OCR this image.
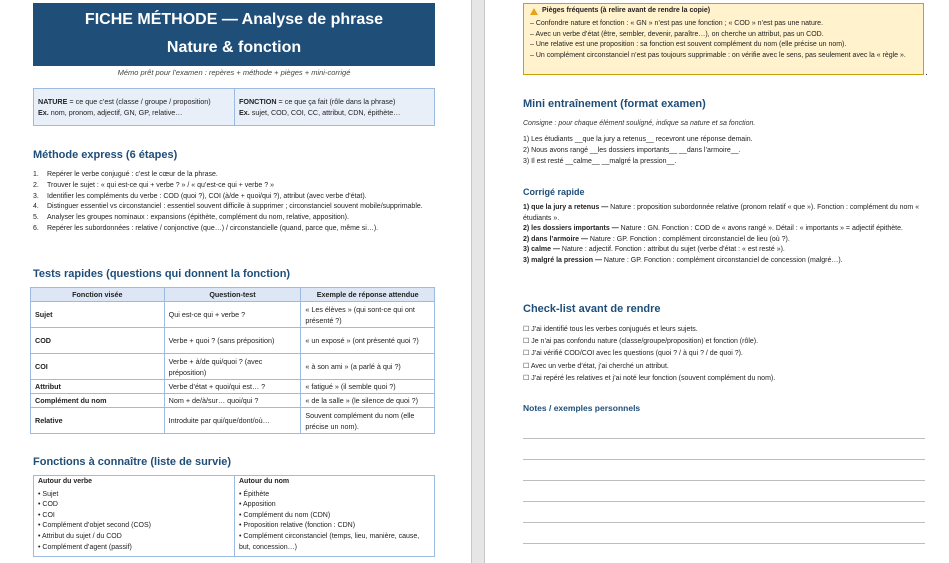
FICHE MÉTHODE — Analyse de phrase
Nature & fonction
Mémo prêt pour l’examen : repères + méthode + pièges + mini-corrigé
NATURE = ce que c’est (classe / groupe / proposition)
Ex. nom, pronom, adjectif, GN, GP, relative…
FONCTION = ce que ça fait (rôle dans la phrase)
Ex. sujet, COD, COI, CC, attribut, CDN, épithète…
Méthode express (6 étapes)
1.	Repérer le verbe conjugué : c’est le cœur de la phrase.
2.	Trouver le sujet : « qui est-ce qui + verbe ? » / « qu’est-ce qui + verbe ? »
3.	Identifier les compléments du verbe : COD (quoi ?), COI (à/de + quoi/qui ?), attribut (avec verbe d’état).
4.	Distinguer essentiel vs circonstanciel : essentiel souvent difficile à supprimer ; circonstanciel souvent mobile/supprimable.
5.	Analyser les groupes nominaux : expansions (épithète, complément du nom, relative, apposition).
6.	Repérer les subordonnées : relative / conjonctive (que…) / circonstancielle (quand, parce que, même si…).
Tests rapides (questions qui donnent la fonction)
Fonction visée	Question-test	Exemple de réponse attendue
Sujet	Qui est-ce qui + verbe ?	« Les élèves » (qui sont-ce qui ont présenté ?)
COD	Verbe + quoi ? (sans préposition)	« un exposé » (ont présenté quoi ?)
COI	Verbe + à/de qui/quoi ? (avec préposition)	« à son ami » (a parlé à qui ?)
Attribut	Verbe d’état + quoi/qui est… ?	« fatigué » (il semble quoi ?)
Complément du nom	Nom + de/à/sur… quoi/qui ?	« de la salle » (le silence de quoi ?)
Relative	Introduite par qui/que/dont/où…	Souvent complément du nom (elle précise un nom).
Fonctions à connaître (liste de survie)
Autour du verbe
• Sujet
• COD
• COI
• Complément d’objet second (COS)
• Attribut du sujet / du COD
• Complément d’agent (passif)
Autour du nom
• Épithète
• Apposition
• Complément du nom (CDN)
• Proposition relative (fonction : CDN)
• Complément circonstanciel (temps, lieu, manière, cause, but, concession…)
Pièges fréquents (à relire avant de rendre la copie)
– Confondre nature et fonction : « GN » n’est pas une fonction ; « COD » n’est pas une nature.
– Avec un verbe d’état (être, sembler, devenir, paraître…), on cherche un attribut, pas un COD.
– Une relative est une proposition : sa fonction est souvent complément du nom (elle précise un nom).
– Un complément circonstanciel n’est pas toujours supprimable : on vérifie avec le sens, pas seulement avec la « règle ».
Mini entraînement (format examen)
Consigne : pour chaque élément souligné, indique sa nature et sa fonction.
1) Les étudiants __que la jury a retenus__ recevront une réponse demain.
2) Nous avons rangé __les dossiers importants__ __dans l’armoire__.
3) Il est resté __calme__ __malgré la pression__.
Corrigé rapide
1) que la jury a retenus — Nature : proposition subordonnée relative (pronom relatif « que »). Fonction : complément du nom « étudiants ».
2) les dossiers importants — Nature : GN. Fonction : COD de « avons rangé ». Détail : « importants » = adjectif épithète.
2) dans l’armoire — Nature : GP. Fonction : complément circonstanciel de lieu (où ?).
3) calme — Nature : adjectif. Fonction : attribut du sujet (verbe d’état : « est resté »).
3) malgré la pression — Nature : GP. Fonction : complément circonstanciel de concession (malgré…).
Check-list avant de rendre
☐ J’ai identifié tous les verbes conjugués et leurs sujets.
☐ Je n’ai pas confondu nature (classe/groupe/proposition) et fonction (rôle).
☐ J’ai vérifié COD/COI avec les questions (quoi ? / à qui ? / de quoi ?).
☐ Avec un verbe d’état, j’ai cherché un attribut.
☐ J’ai repéré les relatives et j’ai noté leur fonction (souvent complément du nom).
Notes / exemples personnels
